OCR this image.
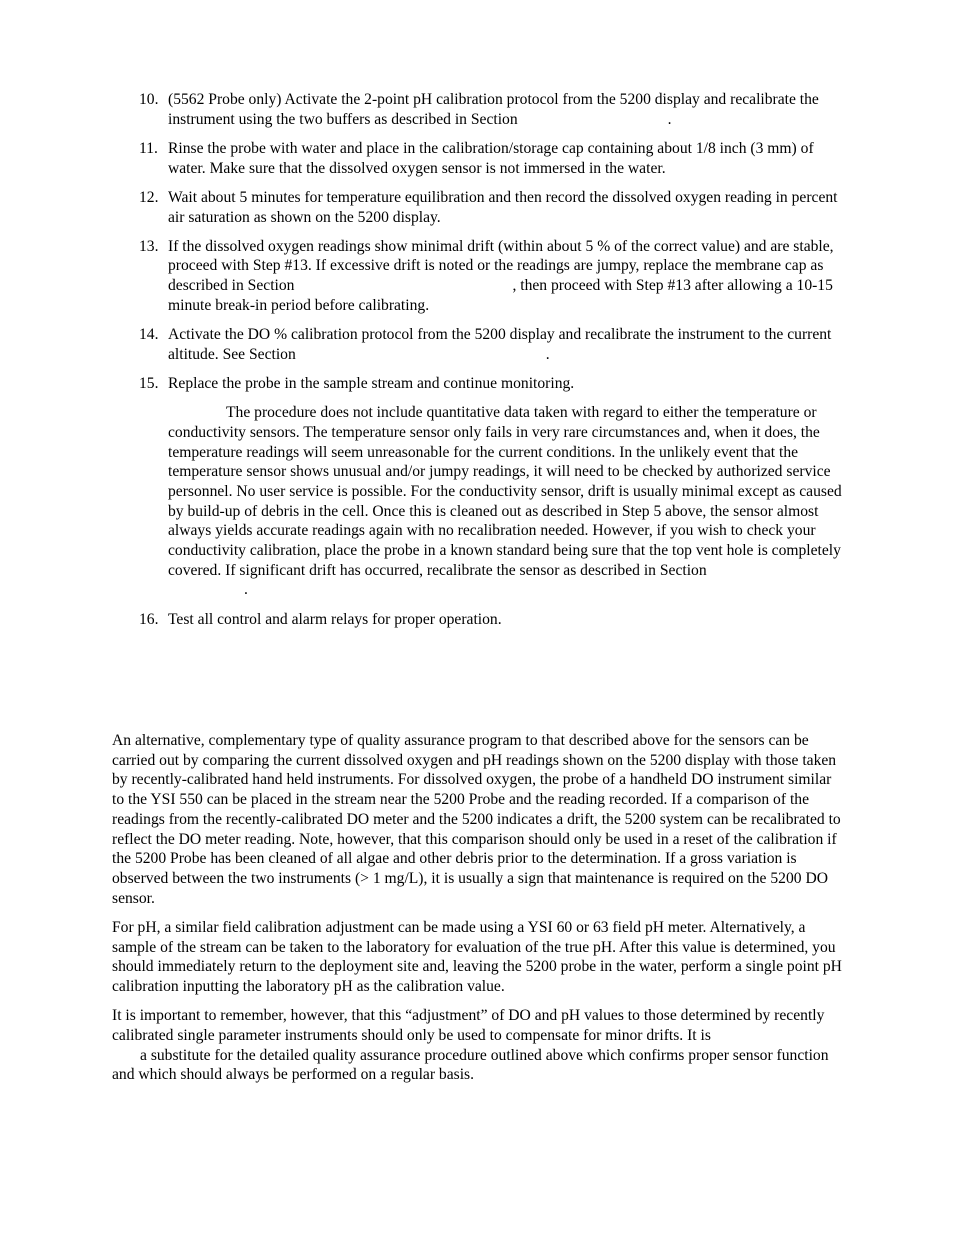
10. (5562 Probe only) Activate the 2-point pH calibration protocol from the 5200 display and recalibrate the instrument using the two buffers as described in Section	.
11. Rinse the probe with water and place in the calibration/storage cap containing about 1/8 inch (3 mm) of water. Make sure that the dissolved oxygen sensor is not immersed in the water.
12. Wait about 5 minutes for temperature equilibration and then record the dissolved oxygen reading in percent air saturation as shown on the 5200 display.
13. If the dissolved oxygen readings show minimal drift (within about 5 % of the correct value) and are stable, proceed with Step #13. If excessive drift is noted or the readings are jumpy, replace the membrane cap as described in Section	, then proceed with Step #13 after allowing a 10-15 minute break-in period before calibrating.
14. Activate the DO % calibration protocol from the 5200 display and recalibrate the instrument to the current altitude. See Section	.
15. Replace the probe in the sample stream and continue monitoring.
The procedure does not include quantitative data taken with regard to either the temperature or conductivity sensors. The temperature sensor only fails in very rare circumstances and, when it does, the temperature readings will seem unreasonable for the current conditions. In the unlikely event that the temperature sensor shows unusual and/or jumpy readings, it will need to be checked by authorized service personnel. No user service is possible. For the conductivity sensor, drift is usually minimal except as caused by build-up of debris in the cell. Once this is cleaned out as described in Step 5 above, the sensor almost always yields accurate readings again with no recalibration needed. However, if you wish to check your conductivity calibration, place the probe in a known standard being sure that the top vent hole is completely covered. If significant drift has occurred, recalibrate the sensor as described in Section
.
16. Test all control and alarm relays for proper operation.

An alternative, complementary type of quality assurance program to that described above for the sensors can be carried out by comparing the current dissolved oxygen and pH readings shown on the 5200 display with those taken by recently-calibrated hand held instruments. For dissolved oxygen, the probe of a handheld DO instrument similar to the YSI 550 can be placed in the stream near the 5200 Probe and the reading recorded. If a comparison of the readings from the recently-calibrated DO meter and the 5200 indicates a drift, the 5200 system can be recalibrated to reflect the DO meter reading. Note, however, that this comparison should only be used in a reset of the calibration if the 5200 Probe has been cleaned of all algae and other debris prior to the determination. If a gross variation is observed between the two instruments (> 1 mg/L), it is usually a sign that maintenance is required on the 5200 DO sensor.

For pH, a similar field calibration adjustment can be made using a YSI 60 or 63 field pH meter. Alternatively, a sample of the stream can be taken to the laboratory for evaluation of the true pH. After this value is determined, you should immediately return to the deployment site and, leaving the 5200 probe in the water, perform a single point pH calibration inputting the laboratory pH as the calibration value.

It is important to remember, however, that this “adjustment” of DO and pH values to those determined by recently calibrated single parameter instruments should only be used to compensate for minor drifts. It is
a substitute for the detailed quality assurance procedure outlined above which confirms proper sensor function and which should always be performed on a regular basis.
